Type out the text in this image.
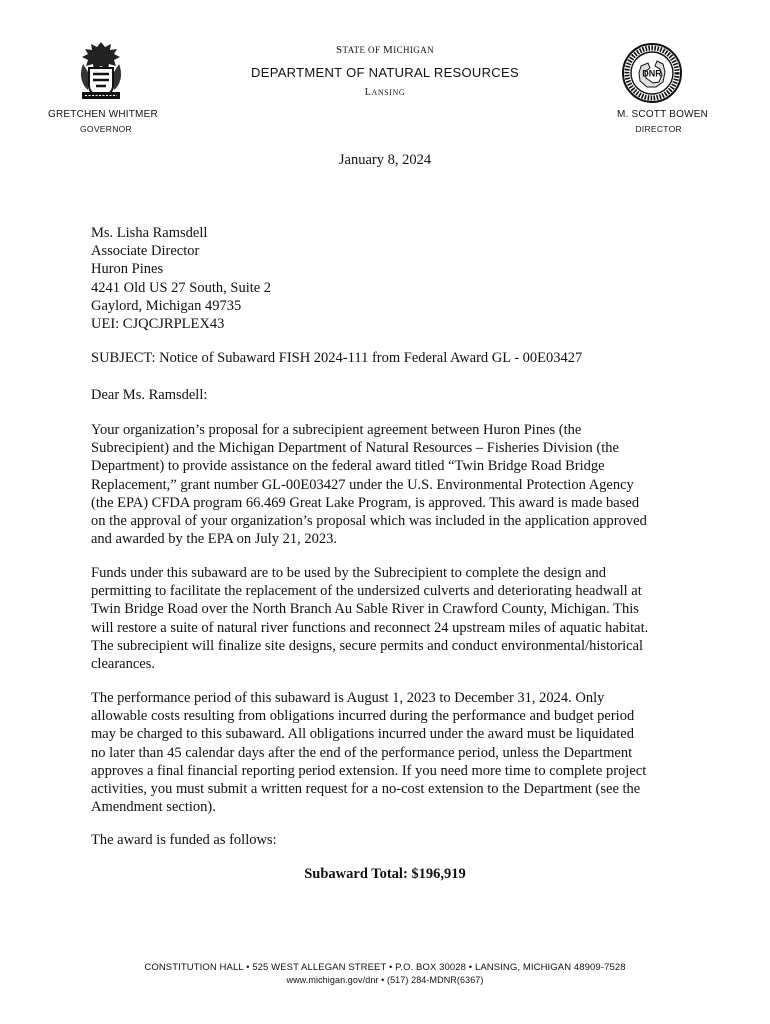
DNR
STATE OF MICHIGAN
DEPARTMENT OF NATURAL RESOURCES
LANSING
GRETCHEN WHITMER
GOVERNOR
M. SCOTT BOWEN
DIRECTOR
January 8, 2024
Ms. Lisha Ramsdell
Associate Director
Huron Pines
4241 Old US 27 South, Suite 2
Gaylord, Michigan 49735
UEI: CJQCJRPLEX43
SUBJECT: Notice of Subaward FISH 2024-111 from Federal Award GL - 00E03427
Dear Ms. Ramsdell:
Your organization’s proposal for a subrecipient agreement between Huron Pines (the
Subrecipient) and the Michigan Department of Natural Resources – Fisheries Division (the
Department) to provide assistance on the federal award titled “Twin Bridge Road Bridge
Replacement,” grant number GL-00E03427 under the U.S. Environmental Protection Agency
(the EPA) CFDA program 66.469 Great Lake Program, is approved. This award is made based
on the approval of your organization’s proposal which was included in the application approved
and awarded by the EPA on July 21, 2023.
Funds under this subaward are to be used by the Subrecipient to complete the design and
permitting to facilitate the replacement of the undersized culverts and deteriorating headwall at
Twin Bridge Road over the North Branch Au Sable River in Crawford County, Michigan. This
will restore a suite of natural river functions and reconnect 24 upstream miles of aquatic habitat.
The subrecipient will finalize site designs, secure permits and conduct environmental/historical
clearances.
The performance period of this subaward is August 1, 2023 to December 31, 2024. Only
allowable costs resulting from obligations incurred during the performance and budget period
may be charged to this subaward. All obligations incurred under the award must be liquidated
no later than 45 calendar days after the end of the performance period, unless the Department
approves a final financial reporting period extension. If you need more time to complete project
activities, you must submit a written request for a no-cost extension to the Department (see the
Amendment section).
The award is funded as follows:
Subaward Total: $196,919
CONSTITUTION HALL • 525 WEST ALLEGAN STREET • P.O. BOX 30028 • LANSING, MICHIGAN 48909-7528
www.michigan.gov/dnr • (517) 284-MDNR(6367)
